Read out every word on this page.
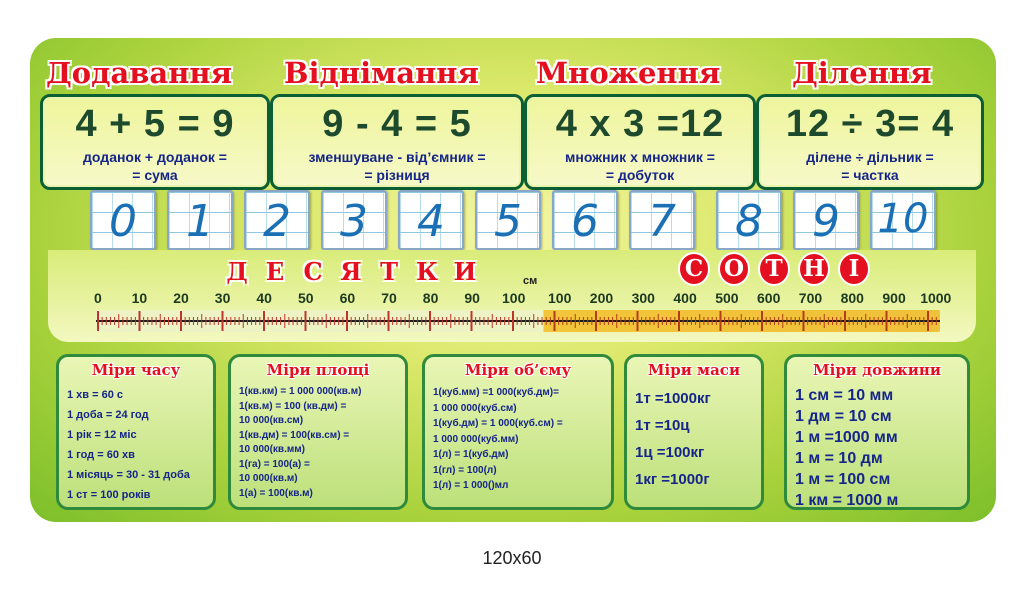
Додавання Віднімання Множення Ділення
4 + 5 = 9
доданок + доданок =
= сума
9 - 4 = 5
зменшуване - від’ємник =
= різниця
4 x 3 =12
множник х множник =
= добуток
12 ÷ 3= 4
ділене ÷ дільник =
= частка
0	1	2	3	4	5	6	7	8	9 10
Д Е С Я Т К И	С О Т Н	І
см
0 10 20 30 40 50 60 70 80 90 100 100 200 300 400 500 600 700 800 900 1000
Міри часу
1 хв = 60 с
1 доба = 24 год
1 рік = 12 міс
1 год = 60 хв
1 місяць = 30 - 31 доба
1 ст = 100 років
Міри площі
1(кв.км) = 1 000 000(кв.м)
1(кв.м) = 100 (кв.дм) =
10 000(кв.см)
1(кв.дм) = 100(кв.см) =
10 000(кв.мм)
1(га) = 100(а) =
10 000(кв.м)
1(а) = 100(кв.м)
Міри об’єму
1(куб.мм) =1 000(куб.дм)=
1 000 000(куб.см)
1(куб.дм) = 1 000(куб.см) =
1 000 000(куб.мм)
1(л) = 1(куб.дм)
1(гл) = 100(л)
1(л) = 1 000()мл
Міри маси
1т =1000кг
1т =10ц
1ц =100кг
1кг =1000г
Міри довжини
1 см = 10 мм
1 дм = 10 см
1 м =1000 мм
1 м = 10 дм
1 м = 100 см
1 км = 1000 м
120x60
